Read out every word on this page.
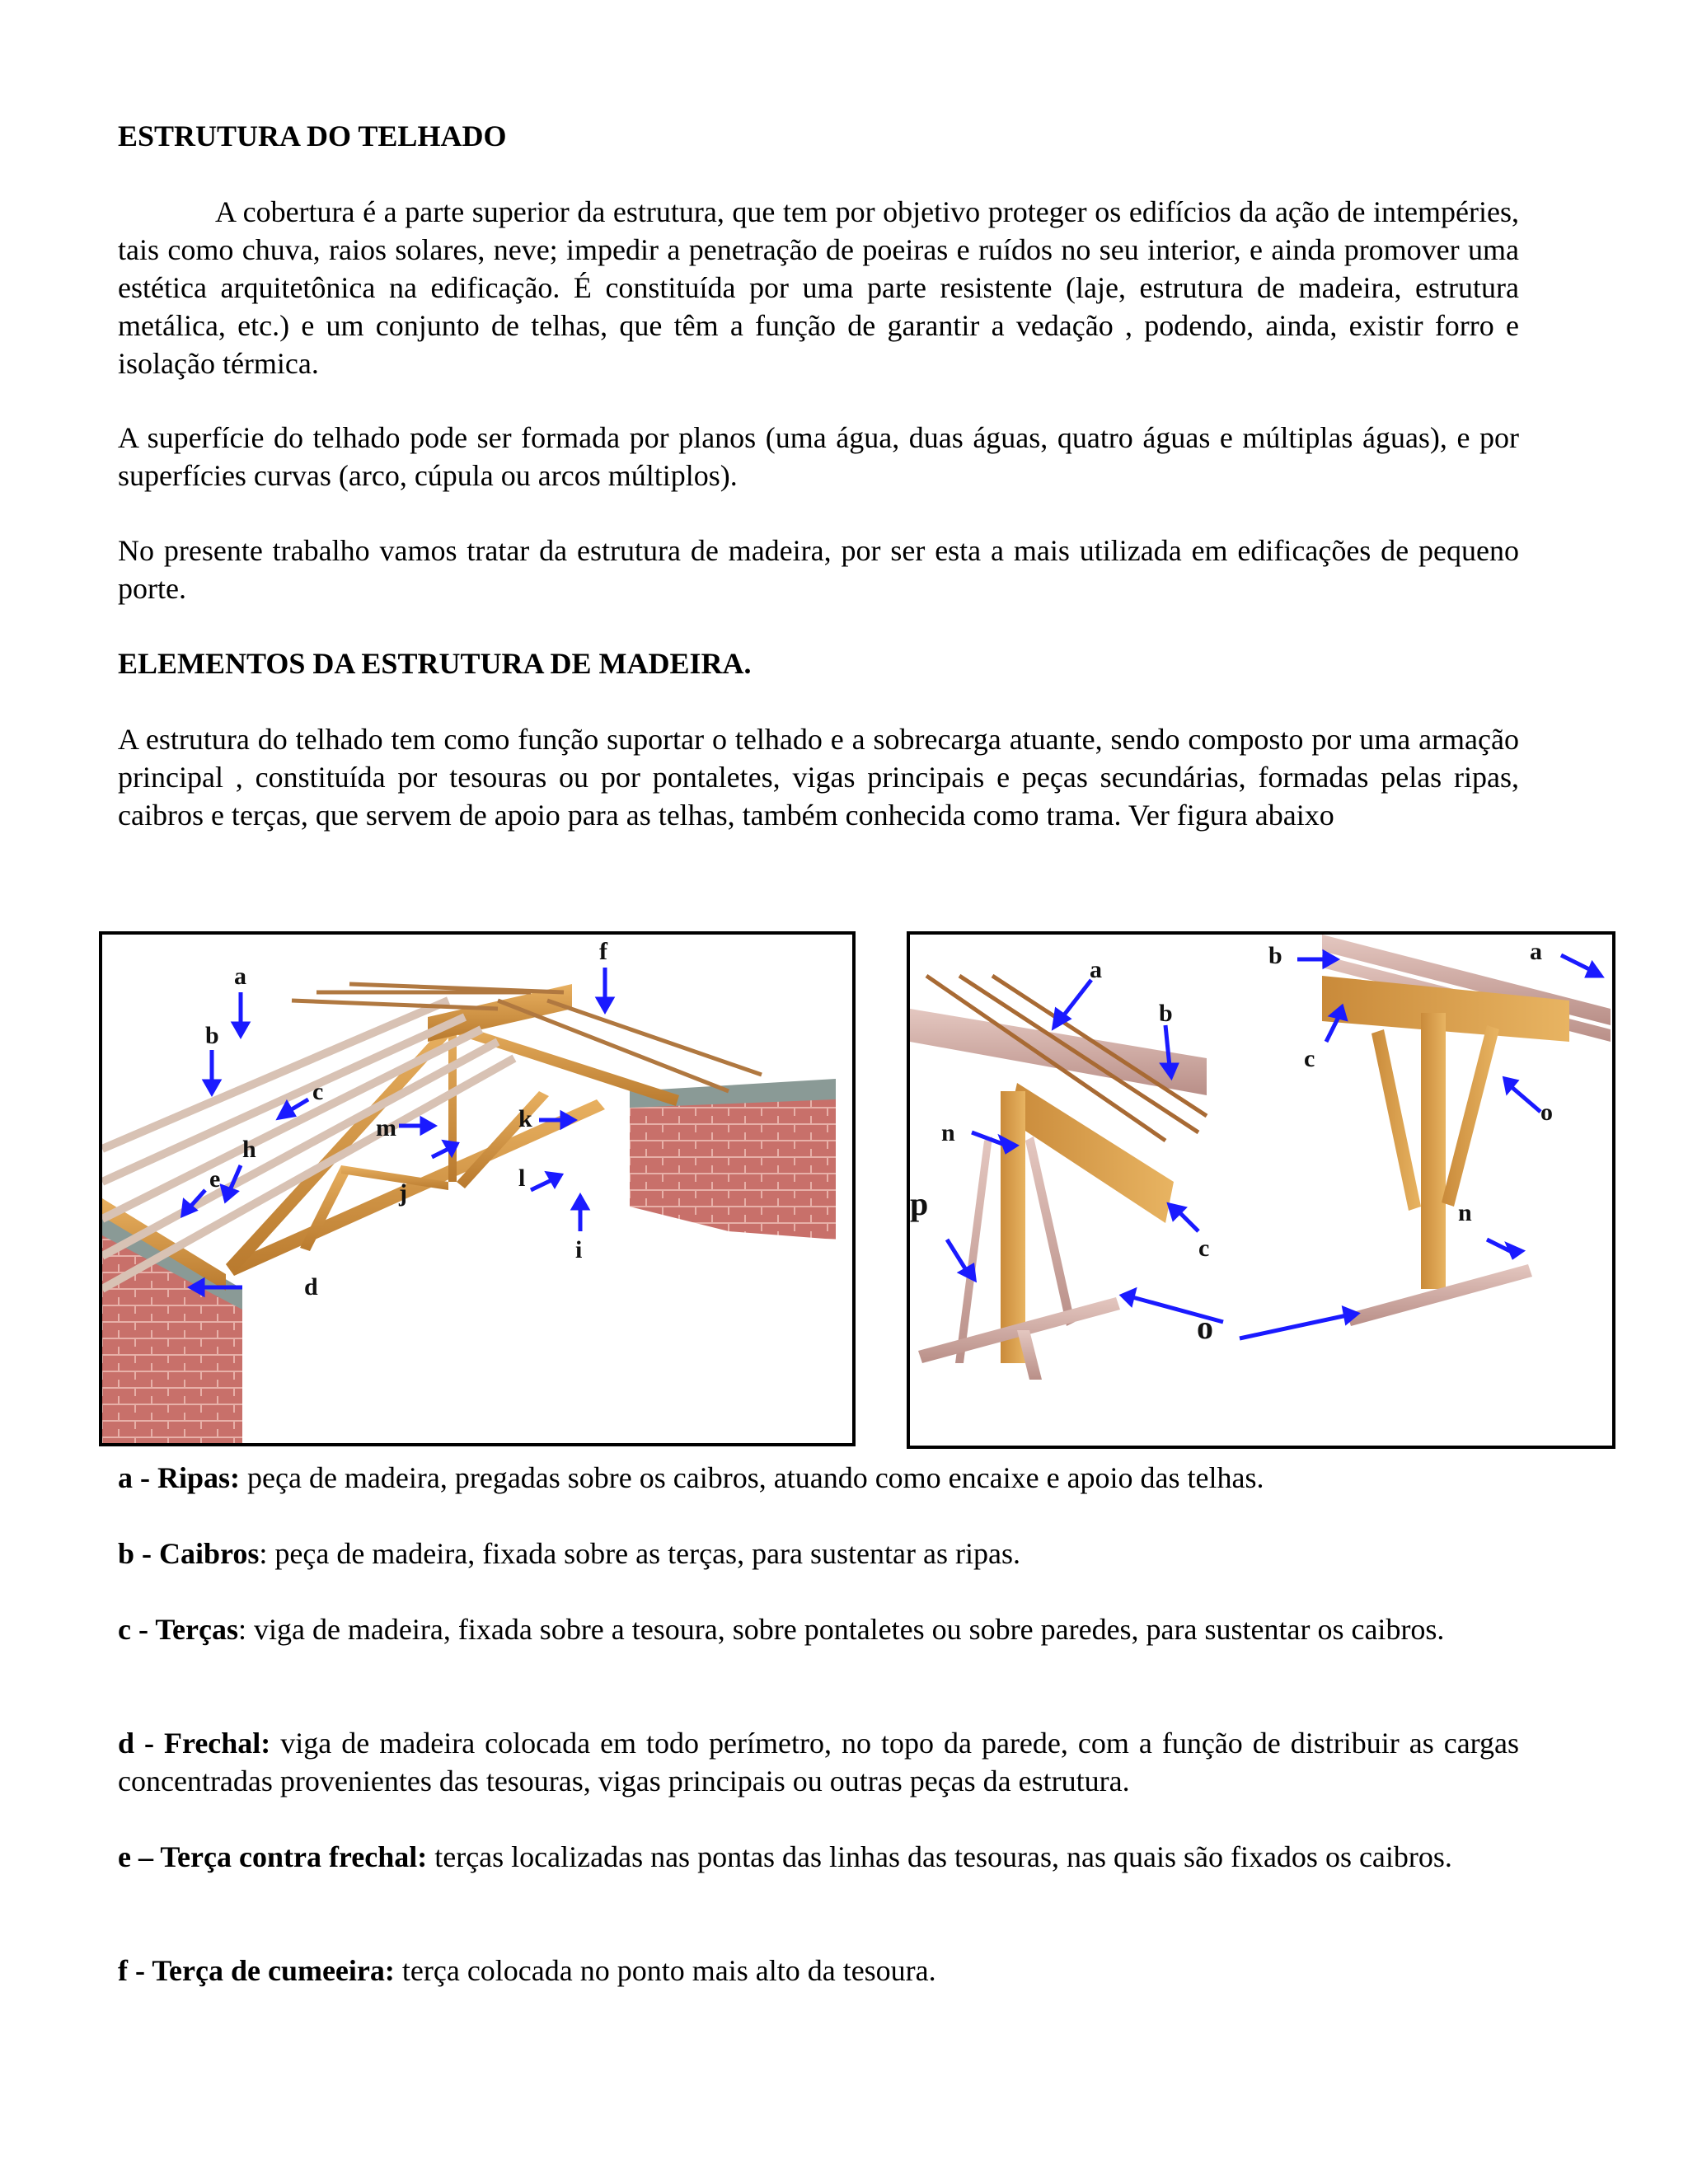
ESTRUTURA DO TELHADO

A cobertura é a parte superior da estrutura, que tem por objetivo proteger os edifícios da ação de intempéries, tais como chuva, raios solares, neve; impedir a penetração de poeiras e ruídos no seu interior, e ainda promover uma estética arquitetônica na edificação. É constituída por uma parte resistente (laje, estrutura de madeira, estrutura metálica, etc.) e um conjunto de telhas, que têm a função de garantir a vedação , podendo, ainda, existir forro e isolação térmica.

A superfície do telhado pode ser formada por planos (uma água, duas águas, quatro águas e múltiplas águas), e por superfícies curvas (arco, cúpula ou arcos múltiplos).

No presente trabalho vamos tratar da estrutura de madeira, por ser esta a mais utilizada em edificações de pequeno porte.

ELEMENTOS DA ESTRUTURA DE MADEIRA.

A estrutura do telhado tem como função suportar o telhado e a sobrecarga atuante, sendo composto por uma armação principal , constituída por tesouras ou por pontaletes, vigas principais e peças secundárias, formadas pelas ripas, caibros e terças, que servem de apoio para as telhas, também conhecida como trama. Ver figura abaixo

a
b
c
d
e
f
h
i
j
k
l
m
a
b
n
c
p
o
b	a
c
o
n

a - Ripas: peça de madeira, pregadas sobre os caibros, atuando como encaixe e apoio das telhas.

b - Caibros: peça de madeira, fixada sobre as terças, para sustentar as ripas.

c - Terças: viga de madeira, fixada sobre a tesoura, sobre pontaletes ou sobre paredes, para sustentar os caibros.

d - Frechal: viga de madeira colocada em todo perímetro, no topo da parede, com a função de distribuir as cargas concentradas provenientes das tesouras, vigas principais ou outras peças da estrutura.

e – Terça contra frechal: terças localizadas nas pontas das linhas das tesouras, nas quais são fixados os caibros.

f - Terça de cumeeira: terça colocada no ponto mais alto da tesoura.
